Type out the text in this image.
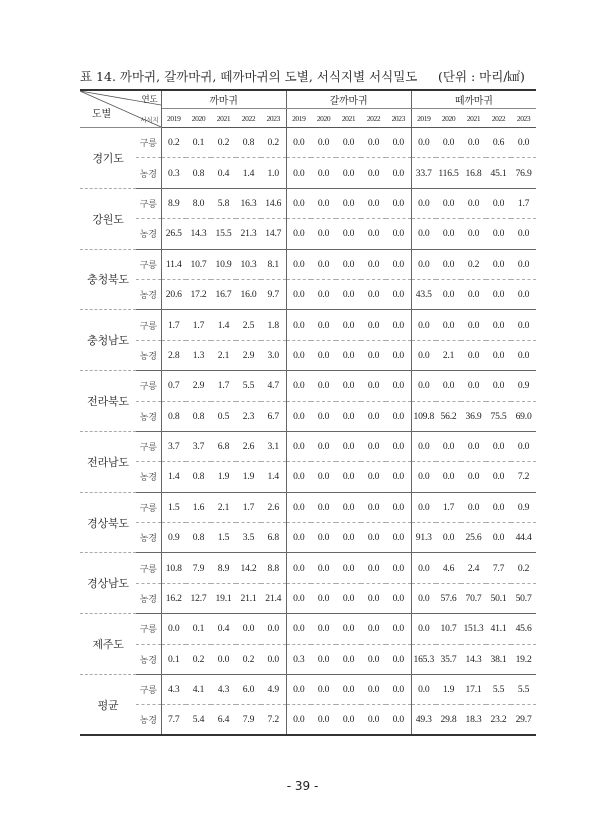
표 14. 까마귀, 갈까마귀, 떼까마귀의 도별, 서식지별 서식밀도 (단위 : 마리/㎢)
연도
도별
서식지		까마귀					갈까마귀					떼까마귀				
		2019	2020	2021	2022	2023	2019	2020	2021	2022	2023	2019	2020	2021	2022	2023
경기도	구릉	0.2	0.1	0.2	0.8	0.2	0.0	0.0	0.0	0.0	0.0	0.0	0.0	0.0	0.6	0.0
	농경	0.3	0.8	0.4	1.4	1.0	0.0	0.0	0.0	0.0	0.0	33.7	116.5	16.8	45.1	76.9
강원도	구릉	8.9	8.0	5.8	16.3	14.6	0.0	0.0	0.0	0.0	0.0	0.0	0.0	0.0	0.0	1.7
	농경	26.5	14.3	15.5	21.3	14.7	0.0	0.0	0.0	0.0	0.0	0.0	0.0	0.0	0.0	0.0
충청북도	구릉	11.4	10.7	10.9	10.3	8.1	0.0	0.0	0.0	0.0	0.0	0.0	0.0	0.2	0.0	0.0
	농경	20.6	17.2	16.7	16.0	9.7	0.0	0.0	0.0	0.0	0.0	43.5	0.0	0.0	0.0	0.0
충청남도	구릉	1.7	1.7	1.4	2.5	1.8	0.0	0.0	0.0	0.0	0.0	0.0	0.0	0.0	0.0	0.0
	농경	2.8	1.3	2.1	2.9	3.0	0.0	0.0	0.0	0.0	0.0	0.0	2.1	0.0	0.0	0.0
전라북도	구릉	0.7	2.9	1.7	5.5	4.7	0.0	0.0	0.0	0.0	0.0	0.0	0.0	0.0	0.0	0.9
	농경	0.8	0.8	0.5	2.3	6.7	0.0	0.0	0.0	0.0	0.0	109.8	56.2	36.9	75.5	69.0
전라남도	구릉	3.7	3.7	6.8	2.6	3.1	0.0	0.0	0.0	0.0	0.0	0.0	0.0	0.0	0.0	0.0
	농경	1.4	0.8	1.9	1.9	1.4	0.0	0.0	0.0	0.0	0.0	0.0	0.0	0.0	0.0	7.2
경상북도	구릉	1.5	1.6	2.1	1.7	2.6	0.0	0.0	0.0	0.0	0.0	0.0	1.7	0.0	0.0	0.9
	농경	0.9	0.8	1.5	3.5	6.8	0.0	0.0	0.0	0.0	0.0	91.3	0.0	25.6	0.0	44.4
경상남도	구릉	10.8	7.9	8.9	14.2	8.8	0.0	0.0	0.0	0.0	0.0	0.0	4.6	2.4	7.7	0.2
	농경	16.2	12.7	19.1	21.1	21.4	0.0	0.0	0.0	0.0	0.0	0.0	57.6	70.7	50.1	50.7
제주도	구릉	0.0	0.1	0.4	0.0	0.0	0.0	0.0	0.0	0.0	0.0	0.0	10.7	151.3	41.1	45.6
	농경	0.1	0.2	0.0	0.2	0.0	0.3	0.0	0.0	0.0	0.0	165.3	35.7	14.3	38.1	19.2
평균	구릉	4.3	4.1	4.3	6.0	4.9	0.0	0.0	0.0	0.0	0.0	0.0	1.9	17.1	5.5	5.5
	농경	7.7	5.4	6.4	7.9	7.2	0.0	0.0	0.0	0.0	0.0	49.3	29.8	18.3	23.2	29.7
- 39 -
